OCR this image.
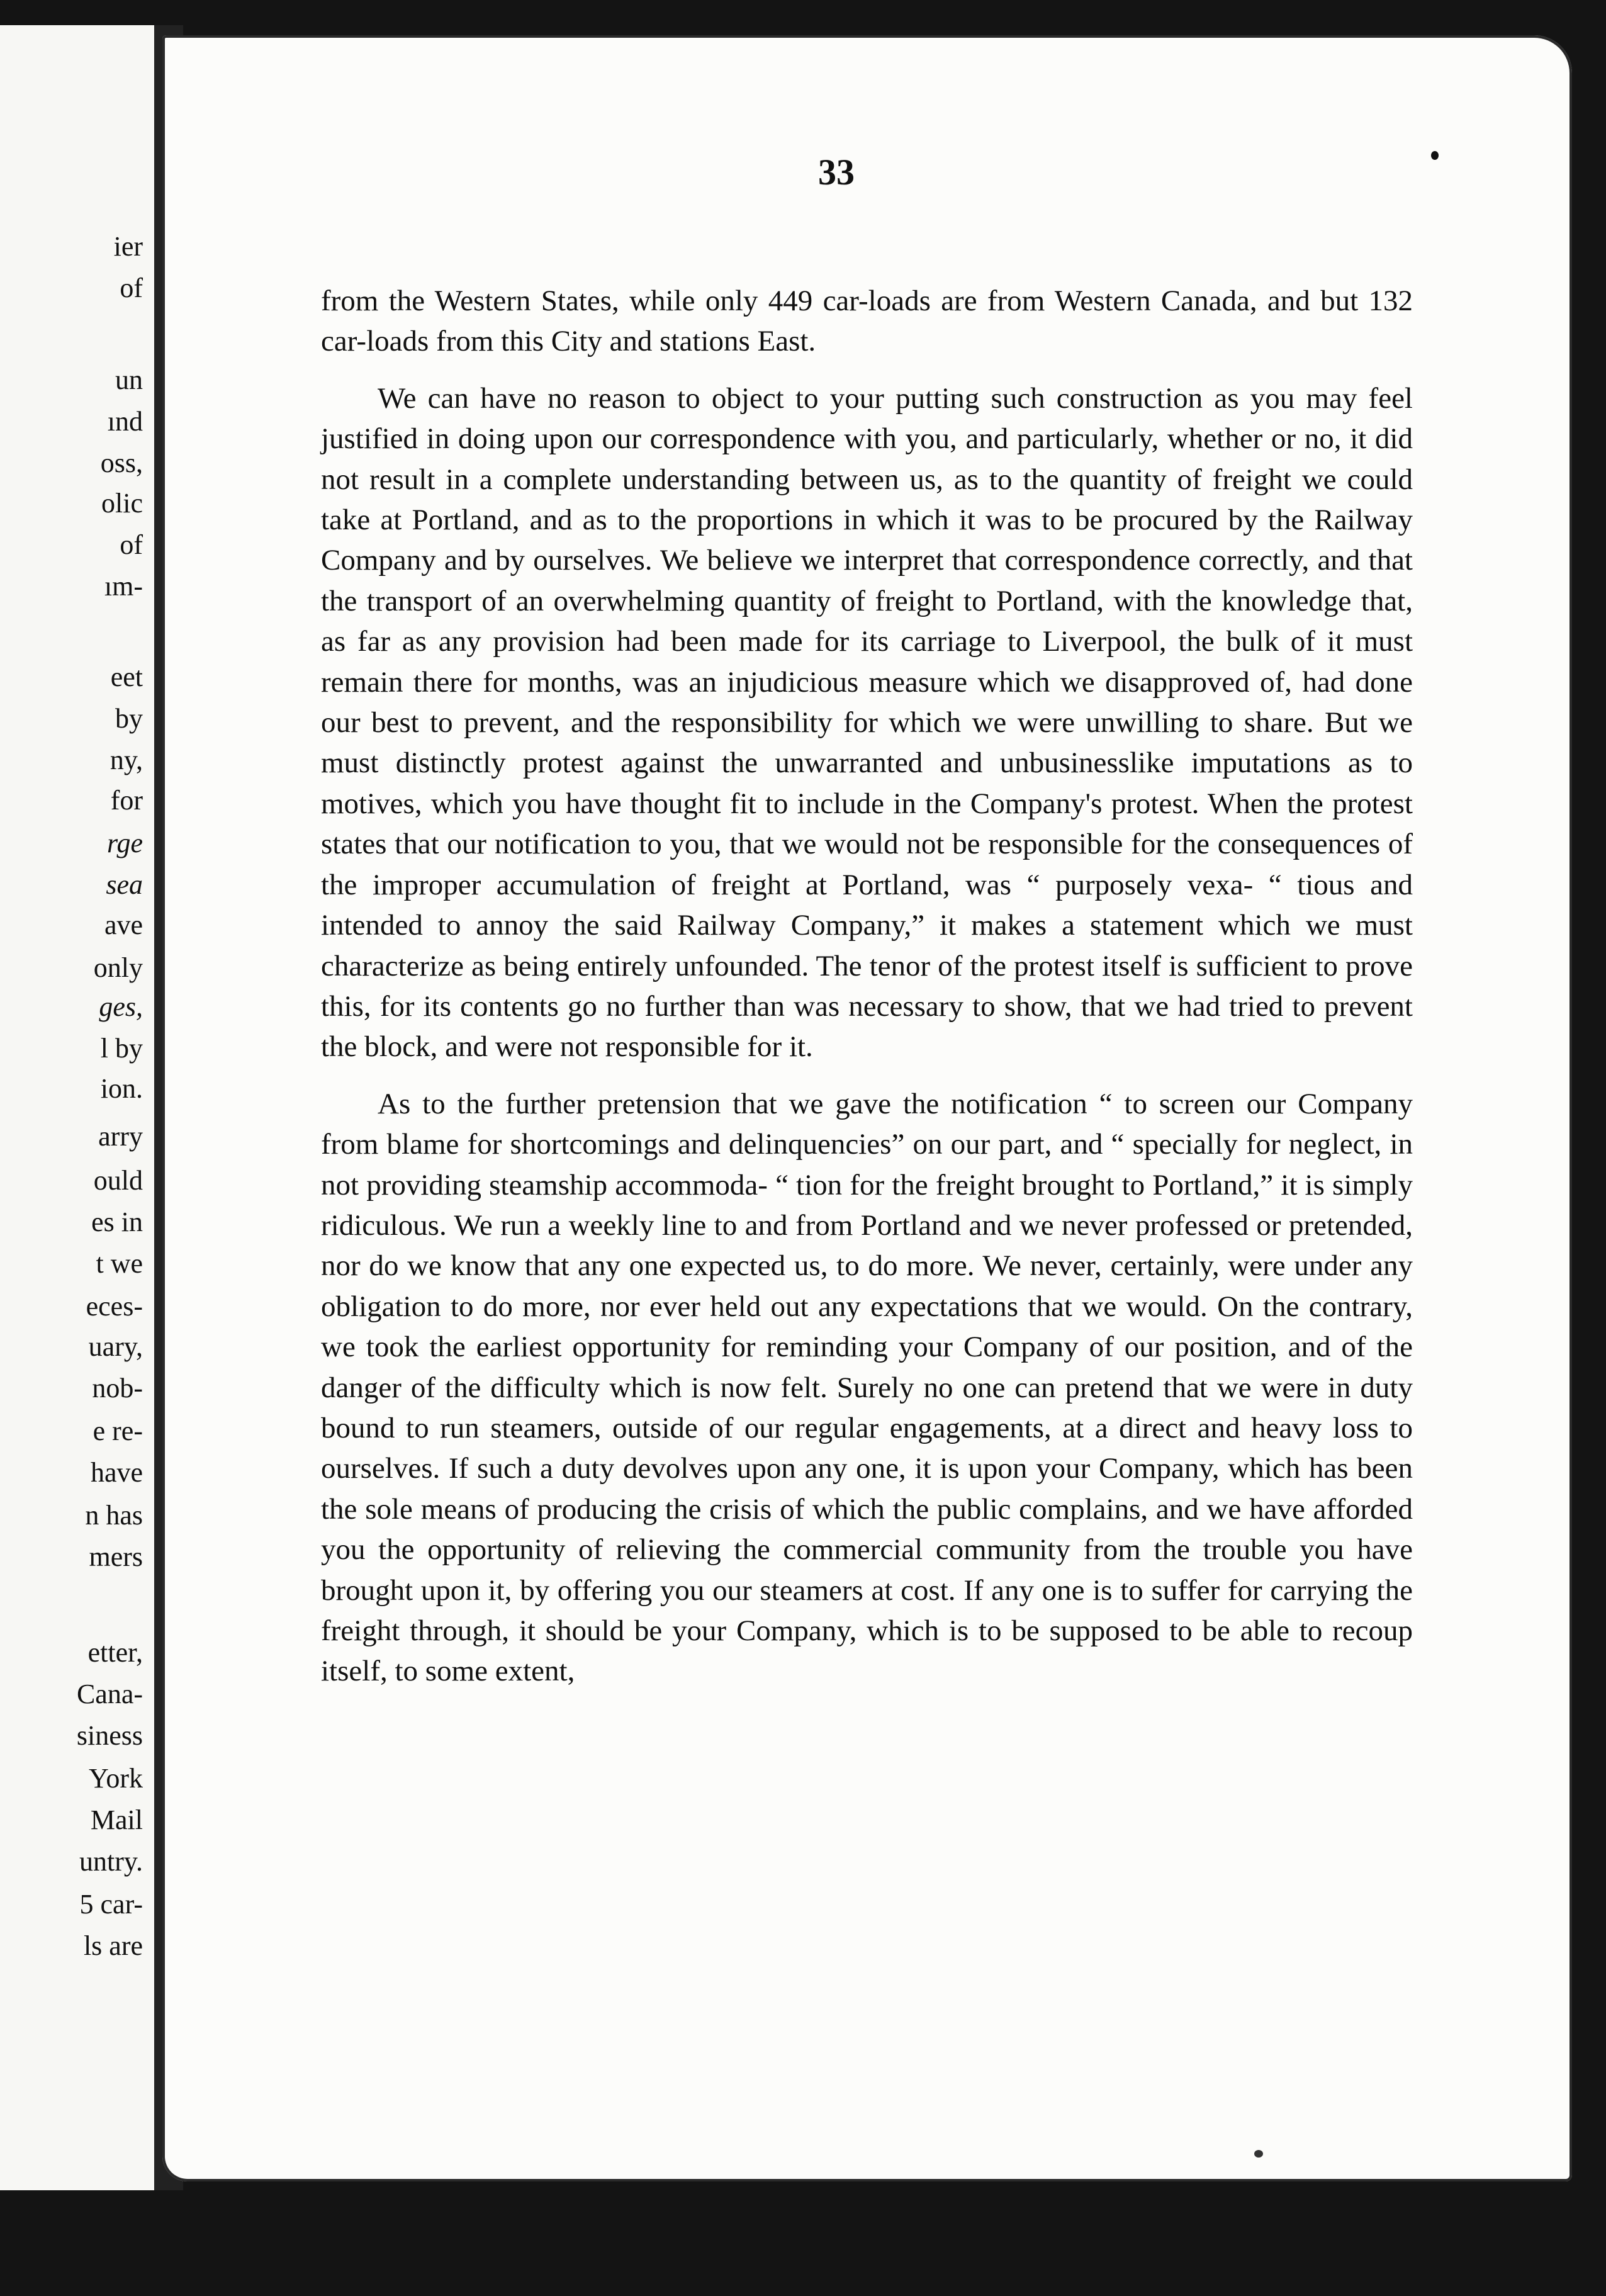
ier
of
un
ınd
oss,
olic
of
ım-
eet
by
ny,
for
rge
sea
ave
only
ges,
l by
ion.
arry
ould
es in
t we
eces-
uary,
nob-
e re-
have
n has
mers
etter,
Cana-
siness
York
Mail
untry.
5 car-
ls are
33

from the Western States, while only 449 car-loads are from Western Canada, and but 132 car-loads from this City and stations East.

We can have no reason to object to your putting such construction as you may feel justified in doing upon our correspondence with you, and particularly, whether or no, it did not result in a complete understanding between us, as to the quantity of freight we could take at Portland, and as to the proportions in which it was to be procured by the Railway Company and by ourselves. We believe we interpret that correspondence correctly, and that the transport of an overwhelming quantity of freight to Portland, with the knowledge that, as far as any provision had been made for its carriage to Liverpool, the bulk of it must remain there for months, was an injudicious measure which we disapproved of, had done our best to prevent, and the responsibility for which we were unwilling to share. But we must distinctly protest against the unwarranted and unbusinesslike imputations as to motives, which you have thought fit to include in the Company's protest. When the protest states that our notification to you, that we would not be responsible for the consequences of the improper accumulation of freight at Portland, was “ purposely vexa- “ tious and intended to annoy the said Railway Company,” it makes a statement which we must characterize as being entirely unfounded. The tenor of the protest itself is sufficient to prove this, for its contents go no further than was necessary to show, that we had tried to prevent the block, and were not responsible for it.

As to the further pretension that we gave the notification “ to screen our Company from blame for shortcomings and delinquencies” on our part, and “ specially for neglect, in not providing steamship accommoda- “ tion for the freight brought to Portland,” it is simply ridiculous. We run a weekly line to and from Portland and we never professed or pretended, nor do we know that any one expected us, to do more. We never, certainly, were under any obligation to do more, nor ever held out any expectations that we would. On the contrary, we took the earliest opportunity for reminding your Company of our position, and of the danger of the difficulty which is now felt. Surely no one can pretend that we were in duty bound to run steamers, outside of our regular engagements, at a direct and heavy loss to ourselves. If such a duty devolves upon any one, it is upon your Company, which has been the sole means of producing the crisis of which the public complains, and we have afforded you the opportunity of relieving the commercial community from the trouble you have brought upon it, by offering you our steamers at cost. If any one is to suffer for carrying the freight through, it should be your Company, which is to be supposed to be able to recoup itself, to some extent,
